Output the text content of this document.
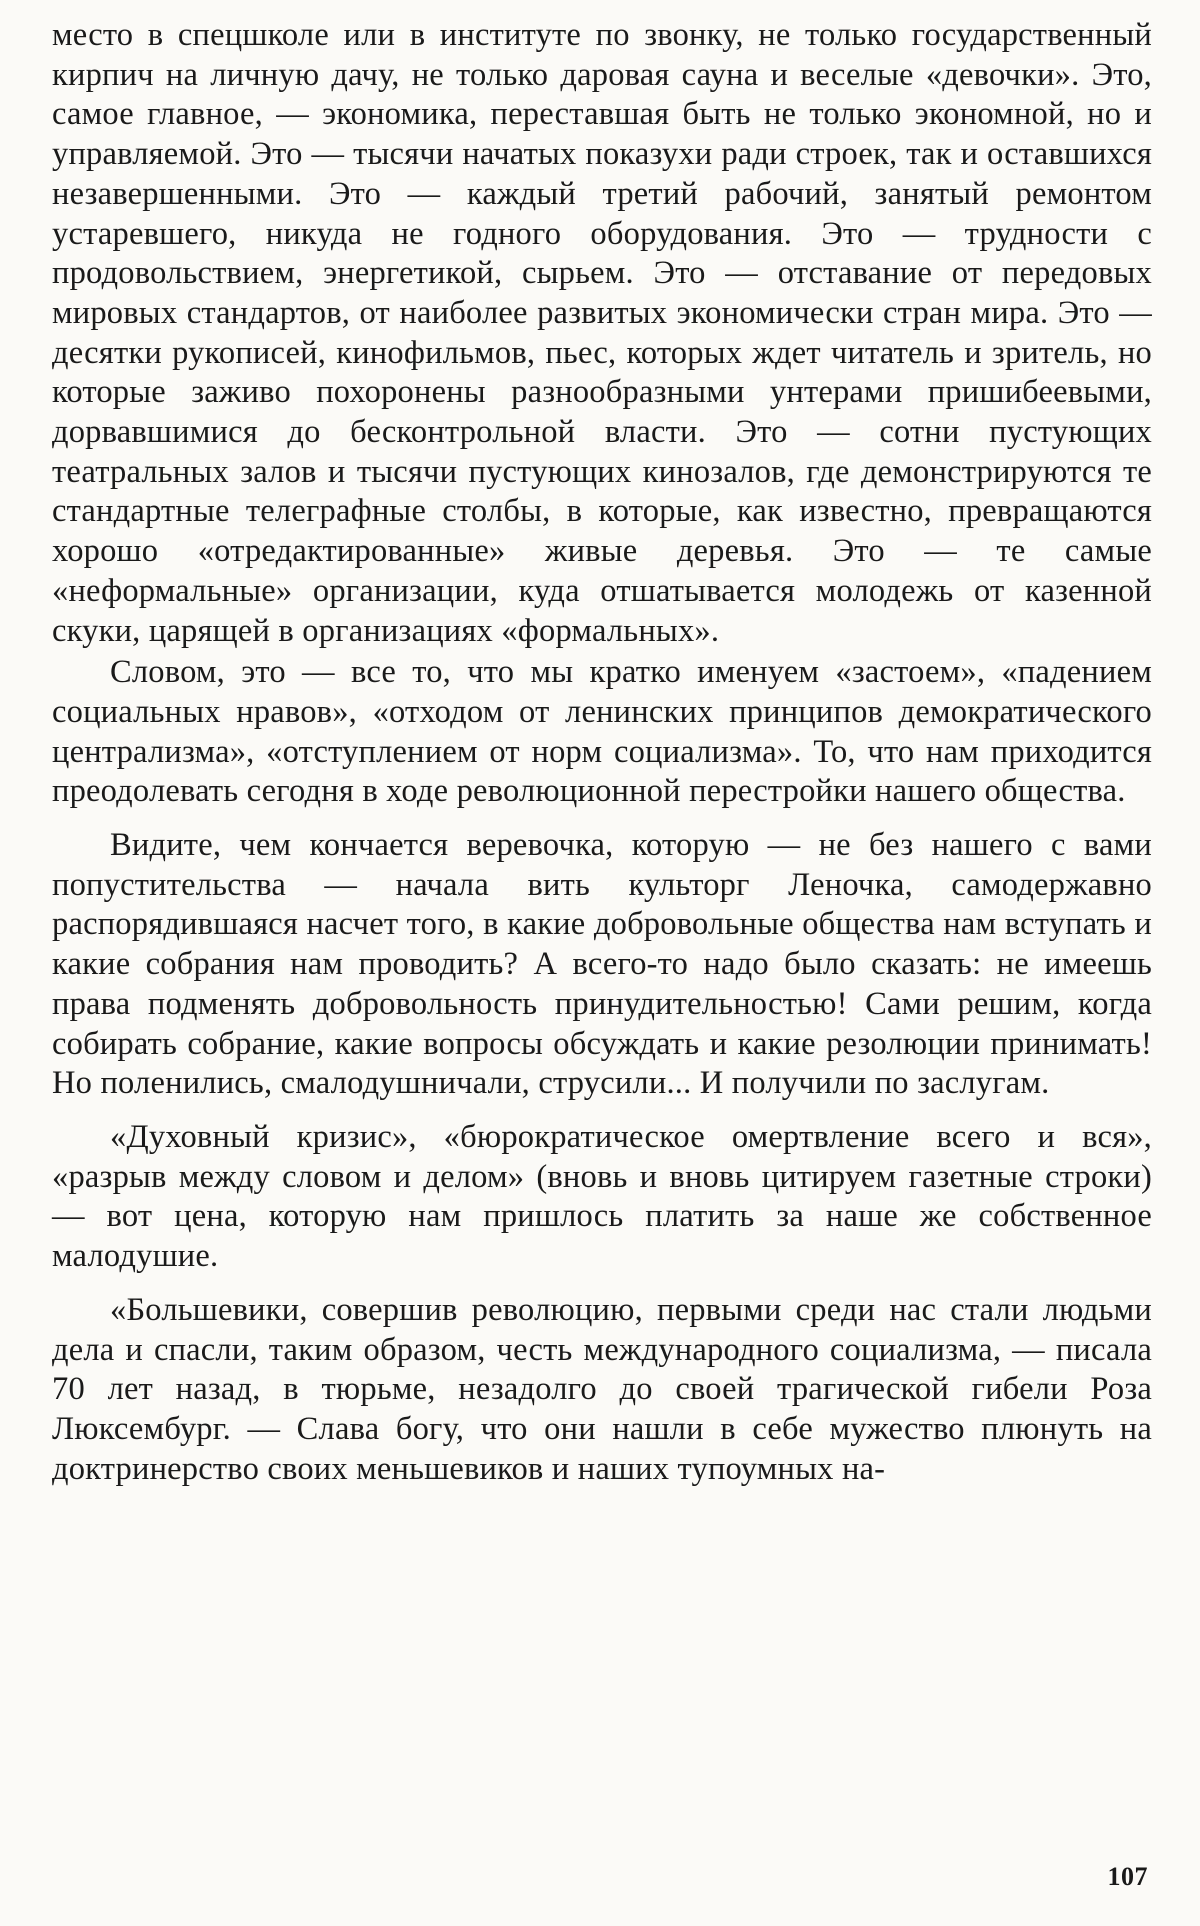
место в спецшколе или в институте по звонку, не только государственный кирпич на личную дачу, не только даровая сауна и веселые «девочки». Это, самое главное, — экономика, переставшая быть не только экономной, но и управляемой. Это — тысячи начатых показухи ради строек, так и оставшихся незавершенными. Это — каждый третий рабочий, занятый ремонтом устаревшего, никуда не годного оборудования. Это — трудности с продовольствием, энергетикой, сырьем. Это — отставание от передовых мировых стандартов, от наиболее развитых экономически стран мира. Это — десятки рукописей, кинофильмов, пьес, которых ждет читатель и зритель, но которые заживо похоронены разнообразными унтерами пришибеевыми, дорвавшимися до бесконтрольной власти. Это — сотни пустующих театральных залов и тысячи пустующих кинозалов, где демонстрируются те стандартные телеграфные столбы, в которые, как известно, превращаются хорошо «отредактированные» живые деревья. Это — те самые «неформальные» организации, куда отшатывается молодежь от казенной скуки, царящей в организациях «формальных».

Словом, это — все то, что мы кратко именуем «застоем», «падением социальных нравов», «отходом от ленинских принципов демократического централизма», «отступлением от норм социализма». То, что нам приходится преодолевать сегодня в ходе революционной перестройки нашего общества.

Видите, чем кончается веревочка, которую — не без нашего с вами попустительства — начала вить культорг Леночка, самодержавно распорядившаяся насчет того, в какие добровольные общества нам вступать и какие собрания нам проводить? А всего-то надо было сказать: не имеешь права подменять добровольность принудительностью! Сами решим, когда собирать собрание, какие вопросы обсуждать и какие резолюции принимать! Но поленились, смалодушничали, струсили... И получили по заслугам.

«Духовный кризис», «бюрократическое омертвление всего и вся», «разрыв между словом и делом» (вновь и вновь цитируем газетные строки) — вот цена, которую нам пришлось платить за наше же собственное малодушие.

«Большевики, совершив революцию, первыми среди нас стали людьми дела и спасли, таким образом, честь международного социализма, — писала 70 лет назад, в тюрьме, незадолго до своей трагической гибели Роза Люксембург. — Слава богу, что они нашли в себе мужество плюнуть на доктринерство своих меньшевиков и наших тупоумных на-

107
